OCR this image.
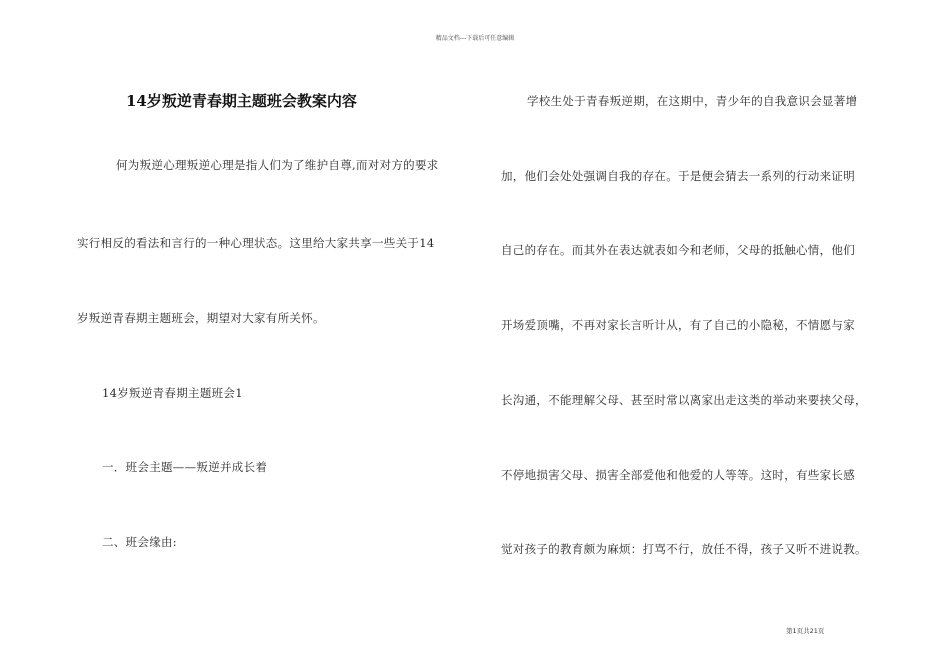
精品文档---下载后可任意编辑
14岁叛逆青春期主题班会教案内容
何为叛逆心理叛逆心理是指人们为了维护自尊,而对对方的要求
实行相反的看法和言行的一种心理状态。这里给大家共享一些关于14
岁叛逆青春期主题班会，期望对大家有所关怀。
14岁叛逆青春期主题班会1
一．班会主题——叛逆并成长着
二、班会缘由:
学校生处于青春叛逆期，在这期中，青少年的自我意识会显著增
加，他们会处处强调自我的存在。于是便会猜去一系列的行动来证明
自己的存在。而其外在表达就表如今和老师，父母的抵触心情，他们
开场爱顶嘴，不再对家长言听计从，有了自己的小隐秘，不情愿与家
长沟通，不能理解父母、甚至时常以离家出走这类的举动来要挟父母，
不停地损害父母、损害全部爱他和他爱的人等等。这时，有些家长感
觉对孩子的教育颇为麻烦：打骂不行，放任不得，孩子又听不进说教。
第1页共21页
